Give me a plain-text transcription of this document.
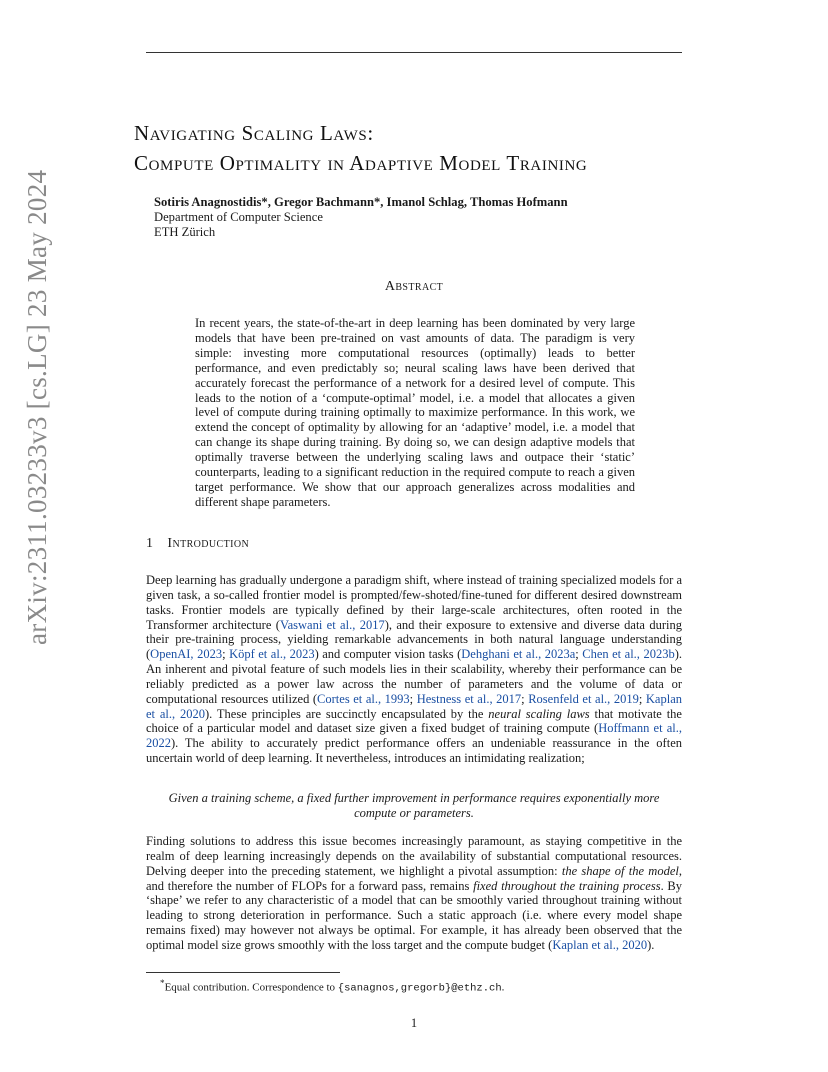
arXiv:2311.03233v3 [cs.LG] 23 May 2024
Navigating Scaling Laws:
Compute Optimality in Adaptive Model Training
Sotiris Anagnostidis*, Gregor Bachmann*, Imanol Schlag, Thomas Hofmann
Department of Computer Science
ETH Zürich
Abstract
In recent years, the state-of-the-art in deep learning has been dominated by very large models that have been pre-trained on vast amounts of data. The paradigm is very simple: investing more computational resources (optimally) leads to better performance, and even predictably so; neural scaling laws have been derived that accurately forecast the performance of a network for a desired level of compute. This leads to the notion of a ‘compute-optimal’ model, i.e. a model that allocates a given level of compute during training optimally to maximize performance. In this work, we extend the concept of optimality by allowing for an ‘adaptive’ model, i.e. a model that can change its shape during training. By doing so, we can design adaptive models that optimally traverse between the underlying scaling laws and outpace their ‘static’ counterparts, leading to a significant reduction in the required compute to reach a given target performance. We show that our approach generalizes across modalities and different shape parameters.
1 Introduction
Deep learning has gradually undergone a paradigm shift, where instead of training specialized models for a given task, a so-called frontier model is prompted/few-shoted/fine-tuned for different desired downstream tasks. Frontier models are typically defined by their large-scale architectures, often rooted in the Transformer architecture (Vaswani et al., 2017), and their exposure to extensive and diverse data during their pre-training process, yielding remarkable advancements in both natural language understanding (OpenAI, 2023; Köpf et al., 2023) and computer vision tasks (Dehghani et al., 2023a; Chen et al., 2023b). An inherent and pivotal feature of such models lies in their scalability, whereby their performance can be reliably predicted as a power law across the number of parameters and the volume of data or computational resources utilized (Cortes et al., 1993; Hestness et al., 2017; Rosenfeld et al., 2019; Kaplan et al., 2020). These principles are succinctly encapsulated by the neural scaling laws that motivate the choice of a particular model and dataset size given a fixed budget of training compute (Hoffmann et al., 2022). The ability to accurately predict performance offers an undeniable reassurance in the often uncertain world of deep learning. It nevertheless, introduces an intimidating realization;
Given a training scheme, a fixed further improvement in performance requires exponentially more compute or parameters.
Finding solutions to address this issue becomes increasingly paramount, as staying competitive in the realm of deep learning increasingly depends on the availability of substantial computational resources. Delving deeper into the preceding statement, we highlight a pivotal assumption: the shape of the model, and therefore the number of FLOPs for a forward pass, remains fixed throughout the training process. By ‘shape’ we refer to any characteristic of a model that can be smoothly varied throughout training without leading to strong deterioration in performance. Such a static approach (i.e. where every model shape remains fixed) may however not always be optimal. For example, it has already been observed that the optimal model size grows smoothly with the loss target and the compute budget (Kaplan et al., 2020).
*Equal contribution. Correspondence to {sanagnos,gregorb}@ethz.ch.
1
